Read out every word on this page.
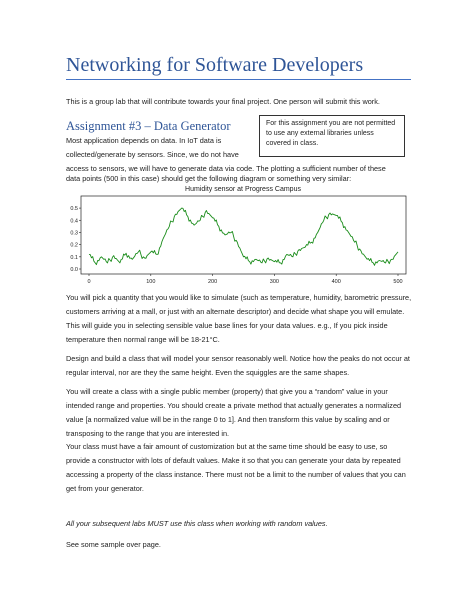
Networking for Software Developers
This is a group lab that will contribute towards your final project. One person will submit this work.
Assignment #3 – Data Generator	For this assignment you are not permitted to use any external libraries unless covered in class.
Most application depends on data. In IoT data is
collected/generate by sensors. Since, we do not have
access to sensors, we will have to generate data via code. The plotting a sufficient number of these
data points (500 in this case) should get the following diagram or something very similar:
Humidity sensor at Progress Campus
0.0
0.1
0.2
0.3
0.4
0.5
0	100	200	300	400	500
You will pick a quantity that you would like to simulate (such as temperature, humidity, barometric pressure, customers arriving at a mall, or just with an alternate descriptor) and decide what shape you will emulate. This will guide you in selecting sensible value base lines for your data values. e.g., If you pick inside temperature then normal range will be 18-21°C.
Design and build a class that will model your sensor reasonably well. Notice how the peaks do not occur at regular interval, nor are they the same height. Even the squiggles are the same shapes.
You will create a class with a single public member (property) that give you a “random” value in your intended range and properties. You should create a private method that actually generates a normalized value [a normalized value will be in the range 0 to 1]. And then transform this value by scaling and or transposing to the range that you are interested in.
Your class must have a fair amount of customization but at the same time should be easy to use, so provide a constructor with lots of default values. Make it so that you can generate your data by repeated accessing a property of the class instance. There must not be a limit to the number of values that you can get from your generator.
All your subsequent labs MUST use this class when working with random values.
See some sample over page.
